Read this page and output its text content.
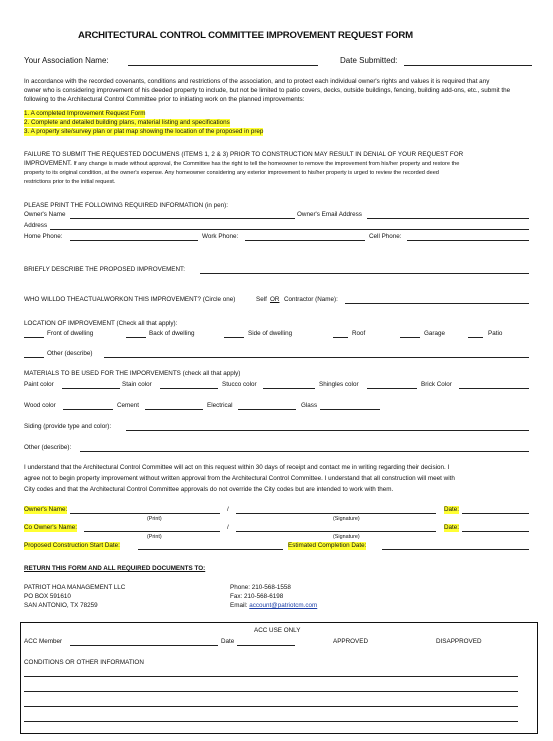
ARCHITECTURAL CONTROL COMMITTEE IMPROVEMENT REQUEST FORM
Your Association Name:	Date Submitted:
In accordance with the recorded covenants, conditions and restrictions of the association, and to protect each individual owner's rights and values it is required that any
owner who is considering improvement of his deeded property to include, but not be limited to patio covers, decks, outside buildings, fencing, building add-ons, etc., submit the
following to the Architectural Control Committee prior to initiating work on the planned improvements:
1. A completed Improvement Request Form
2. Complete and detailed building plans, material listing and specifications
3. A property site/survey plan or plat map showing the location of the proposed in prep
FAILURE TO SUBMIT THE REQUESTED DOCUMENS (ITEMS 1, 2 & 3) PRIOR TO CONSTRUCTION MAY RESULT IN DENIAL OF YOUR REQUEST FOR
IMPROVEMENT. If any change is made without approval, the Committee has the right to tell the homeowner to remove the improvement from his/her property and restore the
property to its original condition, at the owner's expense. Any homeowner considering any exterior improvement to his/her property is urged to review the recorded deed
restrictions prior to the initial request.
PLEASE PRINT THE FOLLOWING REQUIRED INFORMATION (in pen):
Owner's Name	Owner's Email Address
Address
Home Phone:	Work Phone:	Cell Phone:
BRIEFLY DESCRIBE THE PROPOSED IMPROVEMENT:
WHO WILLDO THEACTUALWORKON THIS IMPROVEMENT? (Circle one)	Self OR Contractor (Name):
LOCATION OF IMPROVEMENT (Check all that apply):
Front of dwelling	Back of dwelling	Side of dwelling	Roof	Garage	Patio
Other (describe)
MATERIALS TO BE USED FOR THE IMPORVEMENTS (check all that apply)
Paint color	Stain color	Stucco color	Shingles color	Brick Color
Wood color	Cement	Electrical	Glass
Siding (provide type and color):
Other (describe):
I understand that the Architectural Control Committee will act on this request within 30 days of receipt and contact me in writing regarding their decision. I
agree not to begin property improvement without written approval from the Architectural Control Committee. I understand that all construction will meet with
City codes and that the Architectural Control Committee approvals do not override the City codes but are intended to work with them.
Owner's Name:	/	Date:
(Print)	(Signature)
Co Owner's Name:	/	Date:
(Print)	(Signature)
Proposed Construction Start Date:	Estimated Completion Date:
RETURN THIS FORM AND ALL REQUIRED DOCUMENTS TO:
PATRIOT HOA MANAGEMENT LLC
PO BOX 591610
SAN ANTONIO, TX 78259
Phone: 210-568-1558
Fax: 210-568-6198
Email: account@patriotcm.com
ACC USE ONLY
ACC Member	Date	APPROVED	DISAPPROVED
CONDITIONS OR OTHER INFORMATION
